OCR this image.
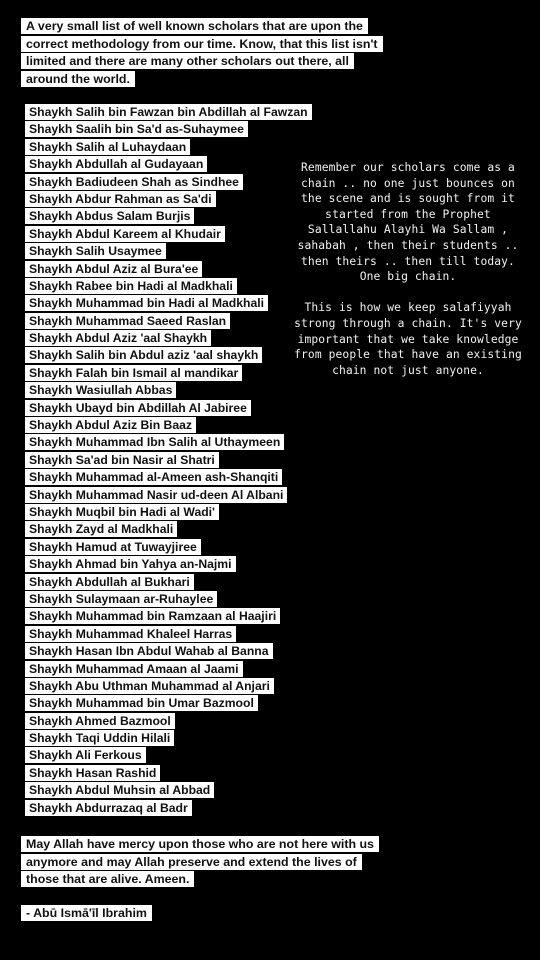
A very small list of well known scholars that are upon the correct methodology from our time. Know, that this list isn't limited and there are many other scholars out there, all around the world.
Shaykh Salih bin Fawzan bin Abdillah al Fawzan
Shaykh Saalih bin Sa'd as-Suhaymee
Shaykh Salih al Luhaydaan
Shaykh Abdullah al Gudayaan
Shaykh Badiudeen Shah as Sindhee
Shaykh Abdur Rahman as Sa'di
Shaykh Abdus Salam Burjis
Shaykh Abdul Kareem al Khudair
Shaykh Salih Usaymee
Shaykh Abdul Aziz al Bura'ee
Shaykh Rabee bin Hadi al Madkhali
Shaykh Muhammad bin Hadi al Madkhali
Shaykh Muhammad Saeed Raslan
Shaykh Abdul Aziz 'aal Shaykh
Shaykh Salih bin Abdul aziz 'aal shaykh
Shaykh Falah bin Ismail al mandikar
Shaykh Wasiullah Abbas
Shaykh Ubayd bin Abdillah Al Jabiree
Shaykh Abdul Aziz Bin Baaz
Shaykh Muhammad Ibn Salih al Uthaymeen
Shaykh Sa'ad bin Nasir al Shatri
Shaykh Muhammad al-Ameen ash-Shanqiti
Shaykh Muhammad Nasir ud-deen Al Albani
Shaykh Muqbil bin Hadi al Wadi'
Shaykh Zayd al Madkhali
Shaykh Hamud at Tuwayjiree
Shaykh Ahmad bin Yahya an-Najmi
Shaykh Abdullah al Bukhari
Shaykh Sulaymaan ar-Ruhaylee
Shaykh Muhammad bin Ramzaan al Haajiri
Shaykh Muhammad Khaleel Harras
Shaykh Hasan Ibn Abdul Wahab al Banna
Shaykh Muhammad Amaan al Jaami
Shaykh Abu Uthman Muhammad al Anjari
Shaykh Muhammad bin Umar Bazmool
Shaykh Ahmed Bazmool
Shaykh Taqi Uddin Hilali
Shaykh Ali Ferkous
Shaykh Hasan Rashid
Shaykh Abdul Muhsin al Abbad
Shaykh Abdurrazaq al Badr

Remember our scholars come as a chain .. no one just bounces on the scene and is sought from it started from the Prophet Sallallahu Alayhi Wa Sallam , sahabah , then their students .. then theirs .. then till today. One big chain.

This is how we keep salafiyyah strong through a chain. It's very important that we take knowledge from people that have an existing chain not just anyone.

May Allah have mercy upon those who are not here with us anymore and may Allah preserve and extend the lives of those that are alive. Ameen.
- Abū Ismā'īl Ibrahim
